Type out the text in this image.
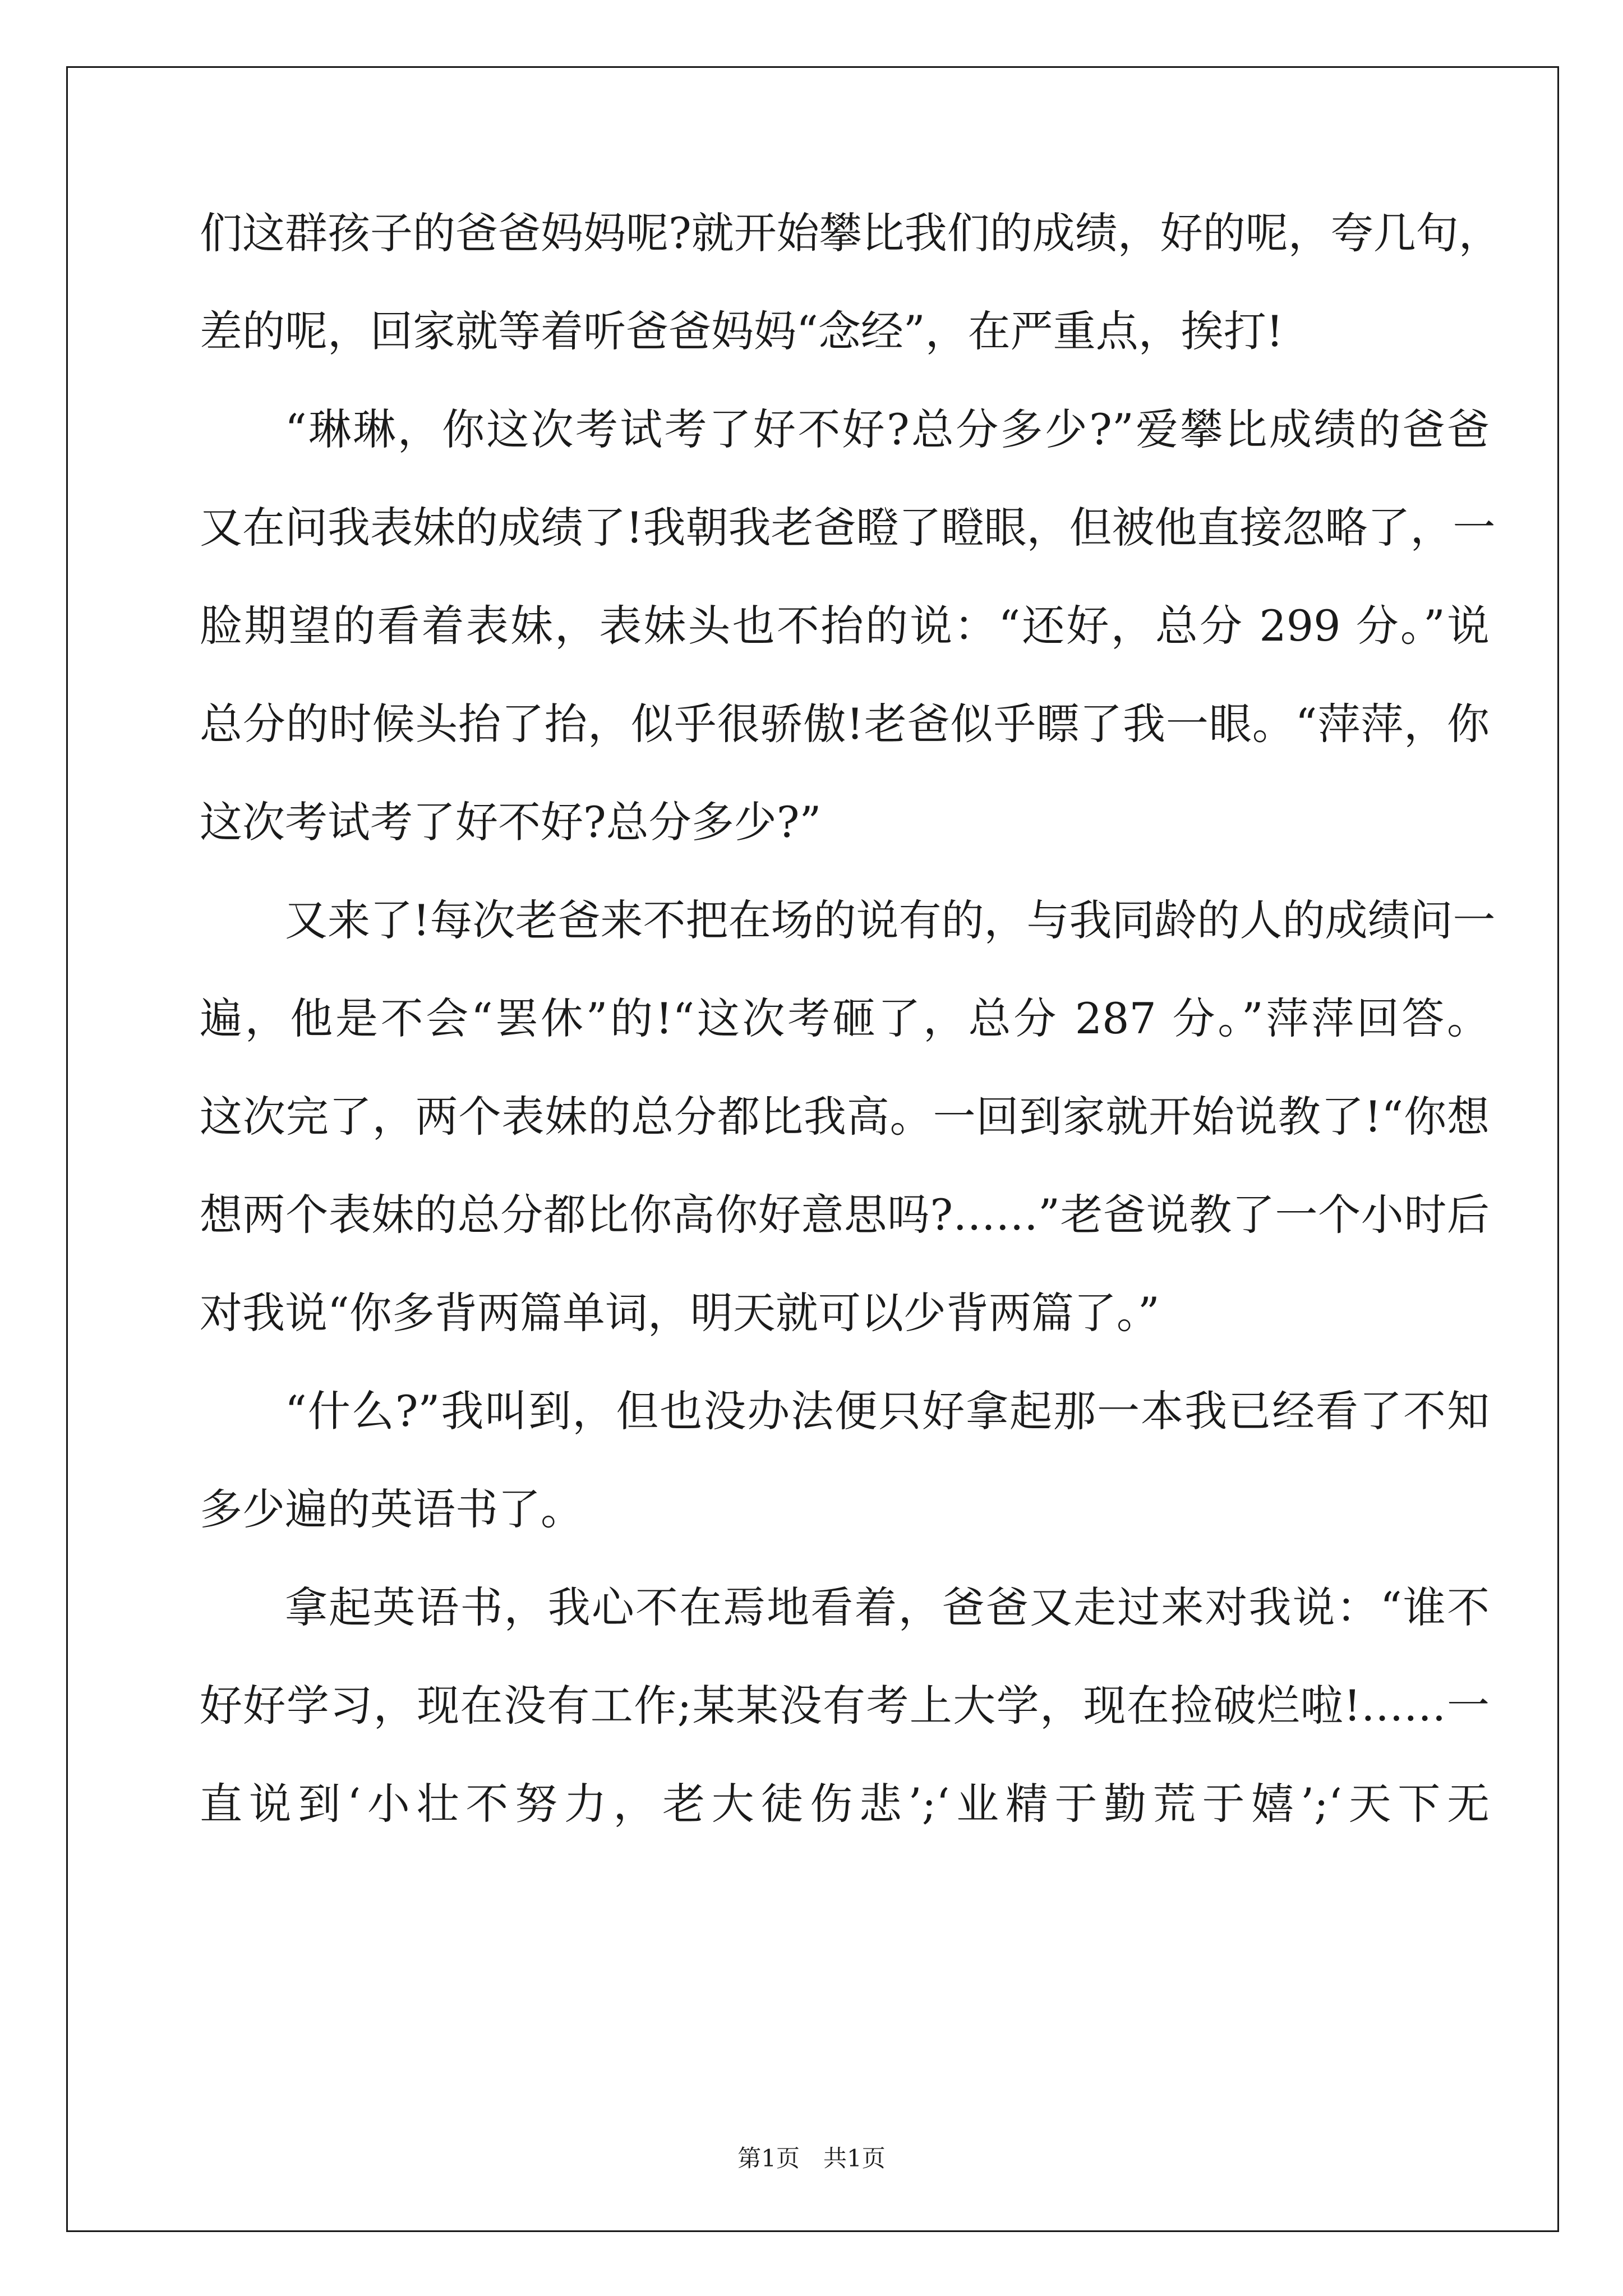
们这群孩子的爸爸妈妈呢?就开始攀比我们的成绩，好的呢，夸几句，
差的呢，回家就等着听爸爸妈妈“念经”，在严重点，挨打!
“琳琳，你这次考试考了好不好?总分多少?”爱攀比成绩的爸爸
又在问我表妹的成绩了!我朝我老爸瞪了瞪眼，但被他直接忽略了，一
脸期望的看着表妹，表妹头也不抬的说：“还好，总分 299 分。”说
总分的时候头抬了抬，似乎很骄傲!老爸似乎瞟了我一眼。“萍萍，你
这次考试考了好不好?总分多少?”
又来了!每次老爸来不把在场的说有的，与我同龄的人的成绩问一
遍，他是不会“罢休”的!“这次考砸了，总分 287 分。”萍萍回答。
这次完了，两个表妹的总分都比我高。一回到家就开始说教了!“你想
想两个表妹的总分都比你高你好意思吗?……”老爸说教了一个小时后
对我说“你多背两篇单词，明天就可以少背两篇了。”
“什么?”我叫到，但也没办法便只好拿起那一本我已经看了不知
多少遍的英语书了。
拿起英语书，我心不在焉地看着，爸爸又走过来对我说：“谁不
好好学习，现在没有工作;某某没有考上大学，现在捡破烂啦!……一
直说到‘小壮不努力，老大徒伤悲’;‘业精于勤荒于嬉’;‘天下无
第1页 共1页
